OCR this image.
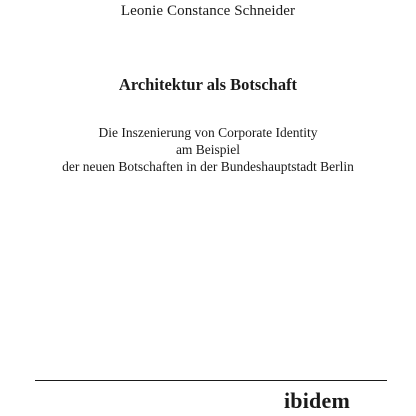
Leonie Constance Schneider
Architektur als Botschaft
Die Inszenierung von Corporate Identity
am Beispiel
der neuen Botschaften in der Bundeshauptstadt Berlin
ibidem
